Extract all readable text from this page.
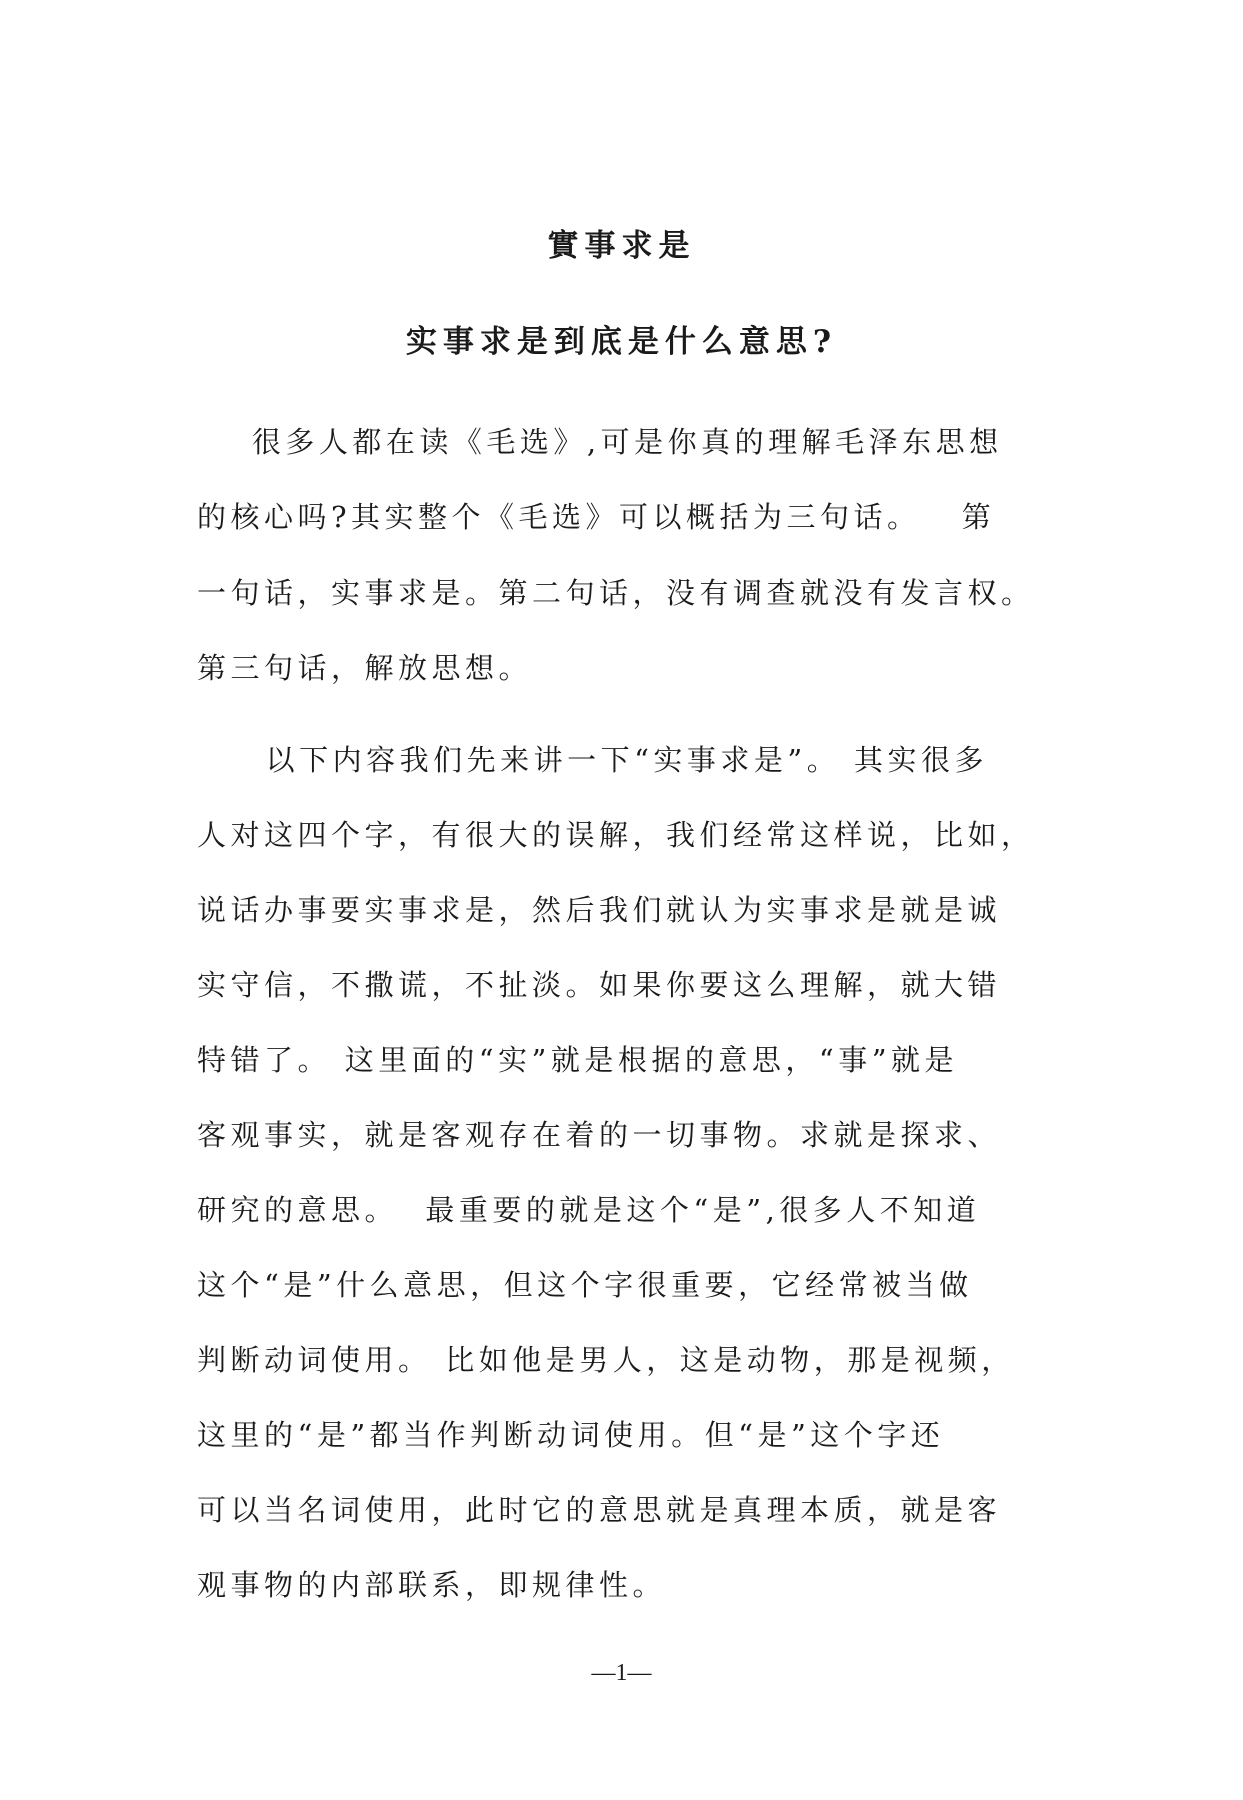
實事求是
实事求是到底是什么意思?
很多人都在读《毛选》,可是你真的理解毛泽东思想
的核心吗?其实整个《毛选》可以概括为三句话。   第
一句话，实事求是。第二句话，没有调查就没有发言权。
第三句话，解放思想。
以下内容我们先来讲一下“实事求是”。 其实很多
人对这四个字，有很大的误解，我们经常这样说，比如，
说话办事要实事求是，然后我们就认为实事求是就是诚
实守信，不撒谎，不扯淡。如果你要这么理解，就大错
特错了。 这里面的“实”就是根据的意思，“事”就是
客观事实，就是客观存在着的一切事物。求就是探求、
研究的意思。  最重要的就是这个“是”,很多人不知道
这个“是”什么意思，但这个字很重要，它经常被当做
判断动词使用。 比如他是男人，这是动物，那是视频，
这里的“是”都当作判断动词使用。但“是”这个字还
可以当名词使用，此时它的意思就是真理本质，就是客
观事物的内部联系，即规律性。
—1—
